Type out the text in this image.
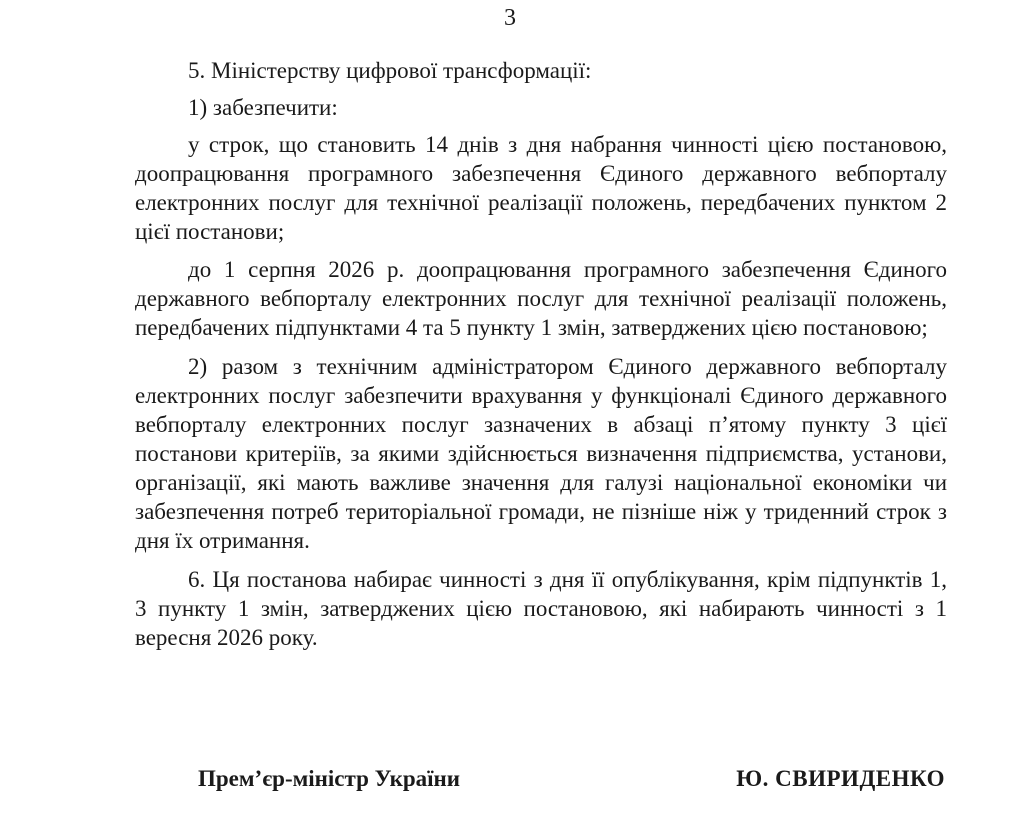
3

5. Міністерству цифрової трансформації:

1) забезпечити:

у строк, що становить 14 днів з дня набрання чинності цією постановою, доопрацювання програмного забезпечення Єдиного державного вебпорталу електронних послуг для технічної реалізації положень, передбачених пунктом 2 цієї постанови;

до 1 серпня 2026 р. доопрацювання програмного забезпечення Єдиного державного вебпорталу електронних послуг для технічної реалізації положень, передбачених підпунктами 4 та 5 пункту 1 змін, затверджених цією постановою;

2) разом з технічним адміністратором Єдиного державного вебпорталу електронних послуг забезпечити врахування у функціоналі Єдиного державного вебпорталу електронних послуг зазначених в абзаці п’ятому пункту 3 цієї постанови критеріїв, за якими здійснюється визначення підприємства, установи, організації, які мають важливе значення для галузі національної економіки чи забезпечення потреб територіальної громади, не пізніше ніж у триденний строк з дня їх отримання.

6. Ця постанова набирає чинності з дня її опублікування, крім підпунктів 1, 3 пункту 1 змін, затверджених цією постановою, які набирають чинності з 1 вересня 2026 року.

Прем’єр-міністр України	Ю. СВИРИДЕНКО
